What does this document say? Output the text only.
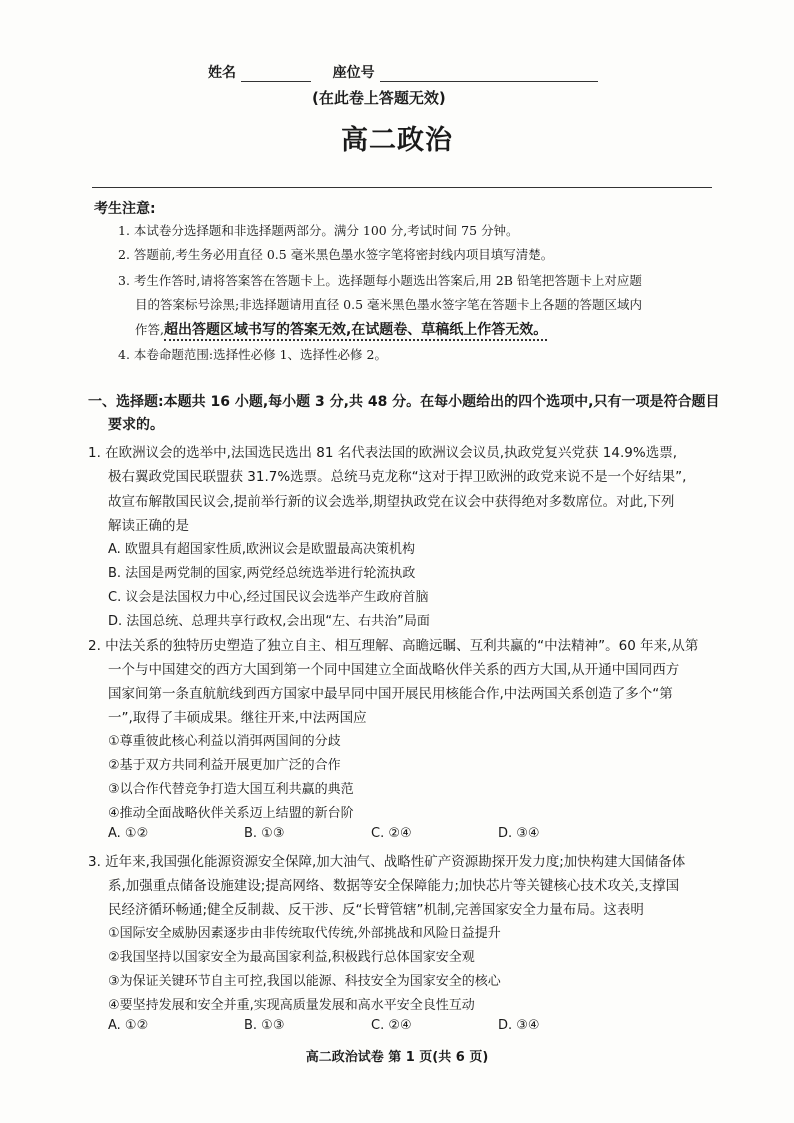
姓名	座位号
(在此卷上答题无效)
高二政治
考生注意:
1. 本试卷分选择题和非选择题两部分。满分 100 分,考试时间 75 分钟。
2. 答题前,考生务必用直径 0.5 毫米黑色墨水签字笔将密封线内项目填写清楚。
3. 考生作答时,请将答案答在答题卡上。选择题每小题选出答案后,用 2B 铅笔把答题卡上对应题
目的答案标号涂黑;非选择题请用直径 0.5 毫米黑色墨水签字笔在答题卡上各题的答题区域内
作答,超出答题区域书写的答案无效,在试题卷、草稿纸上作答无效。
4. 本卷命题范围:选择性必修 1、选择性必修 2。
一、选择题:本题共 16 小题,每小题 3 分,共 48 分。在每小题给出的四个选项中,只有一项是符合题目
要求的。
1. 在欧洲议会的选举中,法国选民选出 81 名代表法国的欧洲议会议员,执政党复兴党获 14.9%选票,
极右翼政党国民联盟获 31.7%选票。总统马克龙称“这对于捍卫欧洲的政党来说不是一个好结果”,
故宣布解散国民议会,提前举行新的议会选举,期望执政党在议会中获得绝对多数席位。对此,下列
解读正确的是
A. 欧盟具有超国家性质,欧洲议会是欧盟最高决策机构
B. 法国是两党制的国家,两党经总统选举进行轮流执政
C. 议会是法国权力中心,经过国民议会选举产生政府首脑
D. 法国总统、总理共享行政权,会出现“左、右共治”局面
2. 中法关系的独特历史塑造了独立自主、相互理解、高瞻远瞩、互利共赢的“中法精神”。60 年来,从第
一个与中国建交的西方大国到第一个同中国建立全面战略伙伴关系的西方大国,从开通中国同西方
国家间第一条直航航线到西方国家中最早同中国开展民用核能合作,中法两国关系创造了多个“第
一”,取得了丰硕成果。继往开来,中法两国应
①尊重彼此核心利益以消弭两国间的分歧
②基于双方共同利益开展更加广泛的合作
③以合作代替竞争打造大国互利共赢的典范
④推动全面战略伙伴关系迈上结盟的新台阶
A. ①②	B. ①③	C. ②④	D. ③④
3. 近年来,我国强化能源资源安全保障,加大油气、战略性矿产资源勘探开发力度;加快构建大国储备体
系,加强重点储备设施建设;提高网络、数据等安全保障能力;加快芯片等关键核心技术攻关,支撑国
民经济循环畅通;健全反制裁、反干涉、反“长臂管辖”机制,完善国家安全力量布局。这表明
①国际安全威胁因素逐步由非传统取代传统,外部挑战和风险日益提升
②我国坚持以国家安全为最高国家利益,积极践行总体国家安全观
③为保证关键环节自主可控,我国以能源、科技安全为国家安全的核心
④要坚持发展和安全并重,实现高质量发展和高水平安全良性互动
A. ①②	B. ①③	C. ②④	D. ③④
高二政治试卷 第 1 页(共 6 页)
